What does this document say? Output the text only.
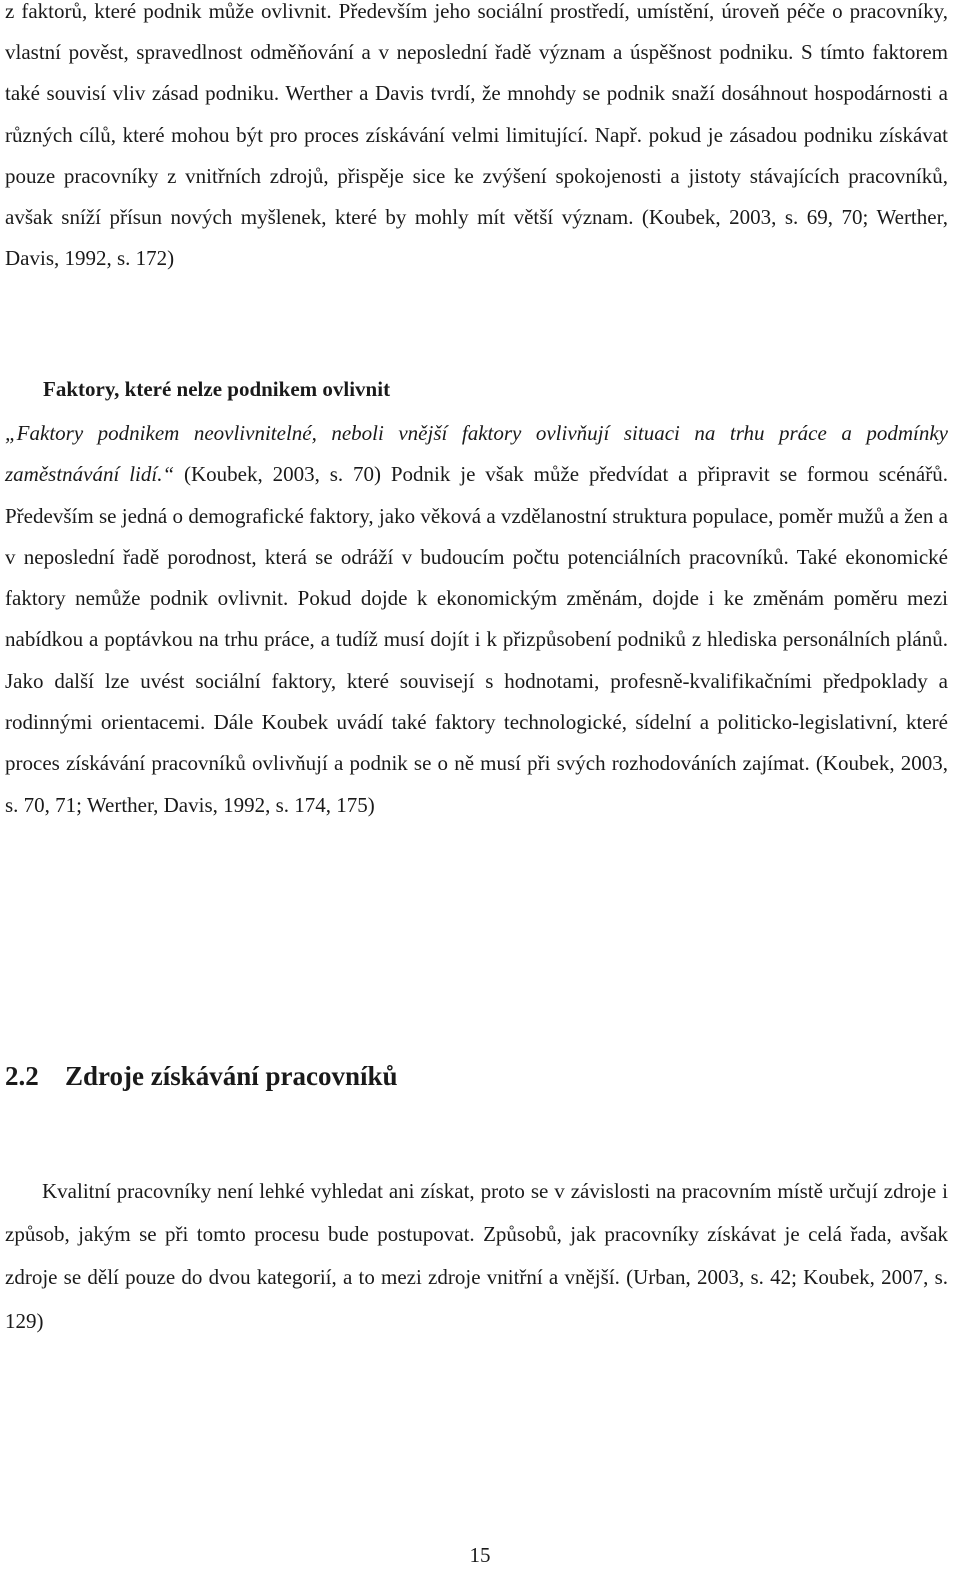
z faktorů, které podnik může ovlivnit. Především jeho sociální prostředí, umístění, úroveň péče o pracovníky, vlastní pověst, spravedlnost odměňování a v neposlední řadě význam a úspěšnost podniku. S tímto faktorem také souvisí vliv zásad podniku. Werther a Davis tvrdí, že mnohdy se podnik snaží dosáhnout hospodárnosti a různých cílů, které mohou být pro proces získávání velmi limitující. Např. pokud je zásadou podniku získávat pouze pracovníky z vnitřních zdrojů, přispěje sice ke zvýšení spokojenosti a jistoty stávajících pracovníků, avšak sníží přísun nových myšlenek, které by mohly mít větší význam. (Koubek, 2003, s. 69, 70; Werther, Davis, 1992, s. 172)

Faktory, které nelze podnikem ovlivnit

„Faktory podnikem neovlivnitelné, neboli vnější faktory ovlivňují situaci na trhu práce a podmínky zaměstnávání lidí.“ (Koubek, 2003, s. 70) Podnik je však může předvídat a připravit se formou scénářů. Především se jedná o demografické faktory, jako věková a vzdělanostní struktura populace, poměr mužů a žen a v neposlední řadě porodnost, která se odráží v budoucím počtu potenciálních pracovníků. Také ekonomické faktory nemůže podnik ovlivnit. Pokud dojde k ekonomickým změnám, dojde i ke změnám poměru mezi nabídkou a poptávkou na trhu práce, a tudíž musí dojít i k přizpůsobení podniků z hlediska personálních plánů. Jako další lze uvést sociální faktory, které souvisejí s hodnotami, profesně-kvalifikačními předpoklady a rodinnými orientacemi. Dále Koubek uvádí také faktory technologické, sídelní a politicko-legislativní, které proces získávání pracovníků ovlivňují a podnik se o ně musí při svých rozhodováních zajímat. (Koubek, 2003, s. 70, 71; Werther, Davis, 1992, s. 174, 175)

2.2 Zdroje získávání pracovníků

Kvalitní pracovníky není lehké vyhledat ani získat, proto se v závislosti na pracovním místě určují zdroje i způsob, jakým se při tomto procesu bude postupovat. Způsobů, jak pracovníky získávat je celá řada, avšak zdroje se dělí pouze do dvou kategorií, a to mezi zdroje vnitřní a vnější. (Urban, 2003, s. 42; Koubek, 2007, s. 129)

15
